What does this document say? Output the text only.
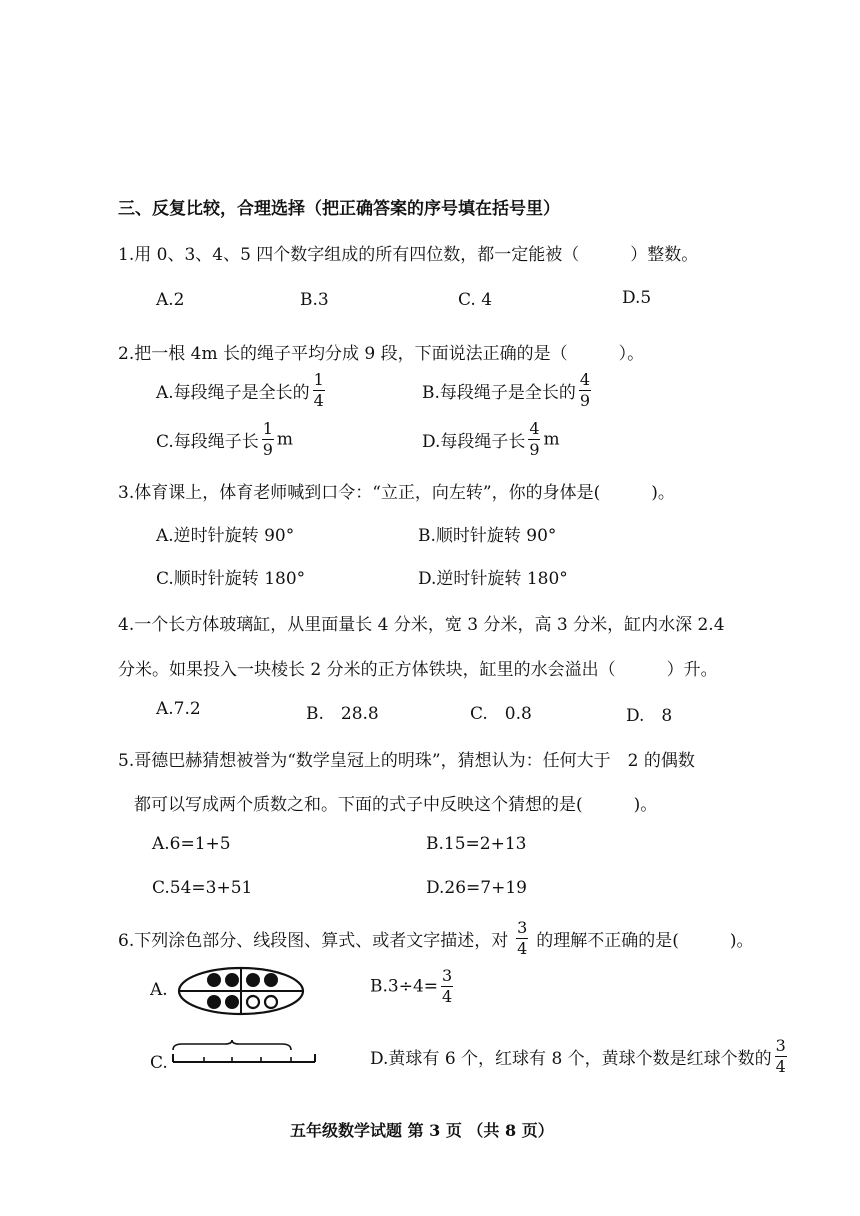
三、反复比较，合理选择（把正确答案的序号填在括号里）
1.用 0、3、4、5 四个数字组成的所有四位数，都一定能被（　　　）整数。
A.2	B.3	C. 4	D.5
2.把一根 4m 长的绳子平均分成 9 段，下面说法正确的是（　　　）。
A.每段绳子是全长的 $\frac{1}{4}$	B.每段绳子是全长的 $\frac{4}{9}$
C.每段绳子长 $\frac{1}{9}$ m	D.每段绳子长 $\frac{4}{9}$ m
3.体育课上，体育老师喊到口令：“立正，向左转”，你的身体是(　　　)。
A.逆时针旋转 90°	B.顺时针旋转 90°
C.顺时针旋转 180°	D.逆时针旋转 180°
4.一个长方体玻璃缸，从里面量长 4 分米，宽 3 分米，高 3 分米，缸内水深 2.4
分米。如果投入一块棱长 2 分米的正方体铁块，缸里的水会溢出（　　　）升。
A.7.2	B.　28.8	C.　0.8	D.　8
5.哥德巴赫猜想被誉为“数学皇冠上的明珠”，猜想认为：任何大于　2 的偶数
都可以写成两个质数之和。下面的式子中反映这个猜想的是(　　　)。
A.6=1+5	B.15=2+13
C.54=3+51	D.26=7+19
6.下列涂色部分、线段图、算式、或者文字描述，对 $\frac{3}{4}$ 的理解不正确的是(　　　)。
A.	$B.3\div 4= \frac{3}{4}$
C.	D.黄球有 6 个，红球有 8 个，黄球个数是红球个数的 $\frac{3}{4}$
五年级数学试题 第 3 页 （共 8 页）
